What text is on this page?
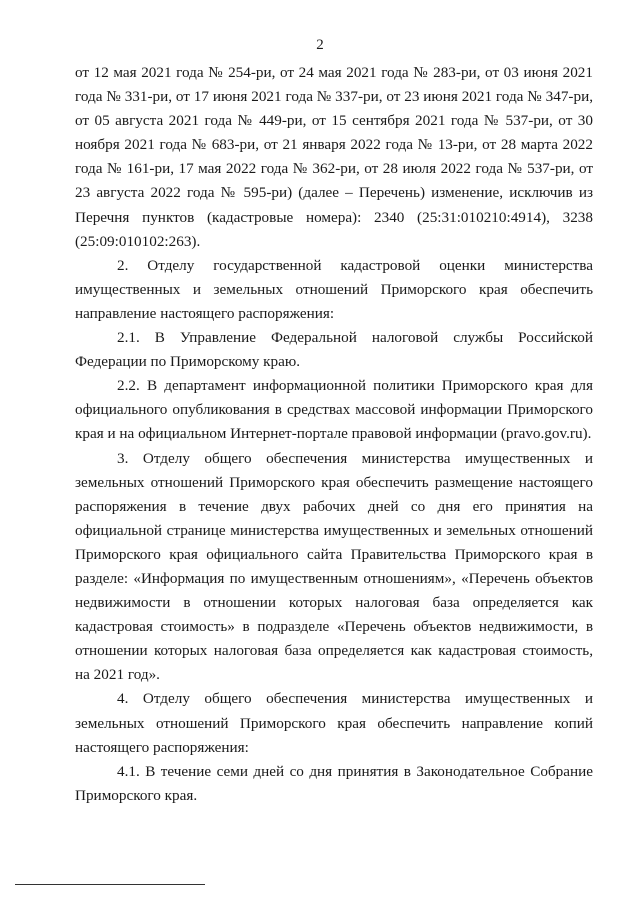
2

от 12 мая 2021 года № 254-ри, от 24 мая 2021 года № 283-ри, от 03 июня 2021 года № 331-ри, от 17 июня 2021 года № 337-ри, от 23 июня 2021 года № 347-ри, от 05 августа 2021 года № 449-ри, от 15 сентября 2021 года № 537-ри, от 30 ноября 2021 года № 683-ри, от 21 января 2022 года № 13-ри, от 28 марта 2022 года № 161-ри, 17 мая 2022 года № 362-ри, от 28 июля 2022 года № 537-ри, от 23 августа 2022 года № 595-ри) (далее – Перечень) изменение, исключив из Перечня пунктов (кадастровые номера): 2340 (25:31:010210:4914), 3238 (25:09:010102:263).

2. Отделу государственной кадастровой оценки министерства имущественных и земельных отношений Приморского края обеспечить направление настоящего распоряжения:

2.1. В Управление Федеральной налоговой службы Российской Федерации по Приморскому краю.

2.2. В департамент информационной политики Приморского края для официального опубликования в средствах массовой информации Приморского края и на официальном Интернет-портале правовой информации (pravo.gov.ru).

3. Отделу общего обеспечения министерства имущественных и земельных отношений Приморского края обеспечить размещение настоящего распоряжения в течение двух рабочих дней со дня его принятия на официальной странице министерства имущественных и земельных отношений Приморского края официального сайта Правительства Приморского края в разделе: «Информация по имущественным отношениям», «Перечень объектов недвижимости в отношении которых налоговая база определяется как кадастровая стоимость» в подразделе «Перечень объектов недвижимости, в отношении которых налоговая база определяется как кадастровая стоимость, на 2021 год».

4. Отделу общего обеспечения министерства имущественных и земельных отношений Приморского края обеспечить направление копий настоящего распоряжения:

4.1. В течение семи дней со дня принятия в Законодательное Собрание Приморского края.
